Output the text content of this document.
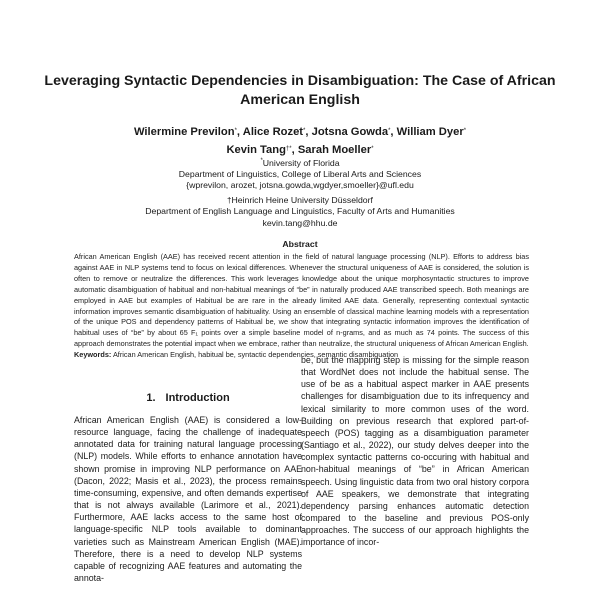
Leveraging Syntactic Dependencies in Disambiguation: The Case of African American English
Wilermine Previlon*, Alice Rozet*, Jotsna Gowda*, William Dyer*
Kevin Tang†*, Sarah Moeller*
*University of Florida
Department of Linguistics, College of Liberal Arts and Sciences
{wprevilon, arozet, jotsna.gowda,wgdyer,smoeller}@ufl.edu
†Heinrich Heine University Düsseldorf
Department of English Language and Linguistics, Faculty of Arts and Humanities
kevin.tang@hhu.de
Abstract

African American English (AAE) has received recent attention in the field of natural language processing (NLP). Efforts to address bias against AAE in NLP systems tend to focus on lexical differences. Whenever the structural uniqueness of AAE is considered, the solution is often to remove or neutralize the differences. This work leverages knowledge about the unique morphosyntactic structures to improve automatic disambiguation of habitual and non-habitual meanings of “be” in naturally produced AAE transcribed speech. Both meanings are employed in AAE but examples of Habitual be are rare in the already limited AAE data. Generally, representing contextual syntactic information improves semantic disambiguation of habituality. Using an ensemble of classical machine learning models with a representation of the unique POS and dependency patterns of Habitual be, we show that integrating syntactic information improves the identification of habitual uses of “be” by about 65 F₁ points over a simple baseline model of n-grams, and as much as 74 points. The success of this approach demonstrates the potential impact when we embrace, rather than neutralize, the structural uniqueness of African American English.

Keywords: African American English, habitual be, syntactic dependencies, semantic disambiguation

1. Introduction

African American English (AAE) is considered a low-resource language, facing the challenge of inadequate annotated data for training natural language processing (NLP) models. While efforts to enhance annotation have shown promise in improving NLP performance on AAE (Dacon, 2022; Masis et al., 2023), the process remains time-consuming, expensive, and often demands expertise that is not always available (Larimore et al., 2021). Furthermore, AAE lacks access to the same host of language-specific NLP tools available to dominant varieties such as Mainstream American English (MAE). Therefore, there is a need to develop NLP systems capable of recognizing AAE features and automating the annota-

be, but the mapping step is missing for the simple reason that WordNet does not include the habitual sense. The use of be as a habitual aspect marker in AAE presents challenges for disambiguation due to its infrequency and lexical similarity to more common uses of the word. Building on previous research that explored part-of-speech (POS) tagging as a disambiguation parameter (Santiago et al., 2022), our study delves deeper into the complex syntactic patterns co-occuring with habitual and non-habitual meanings of “be” in African American speech. Using linguistic data from two oral history corpora of AAE speakers, we demonstrate that integrating dependency parsing enhances automatic detection compared to the baseline and previous POS-only approaches. The success of our approach highlights the importance of incor-
